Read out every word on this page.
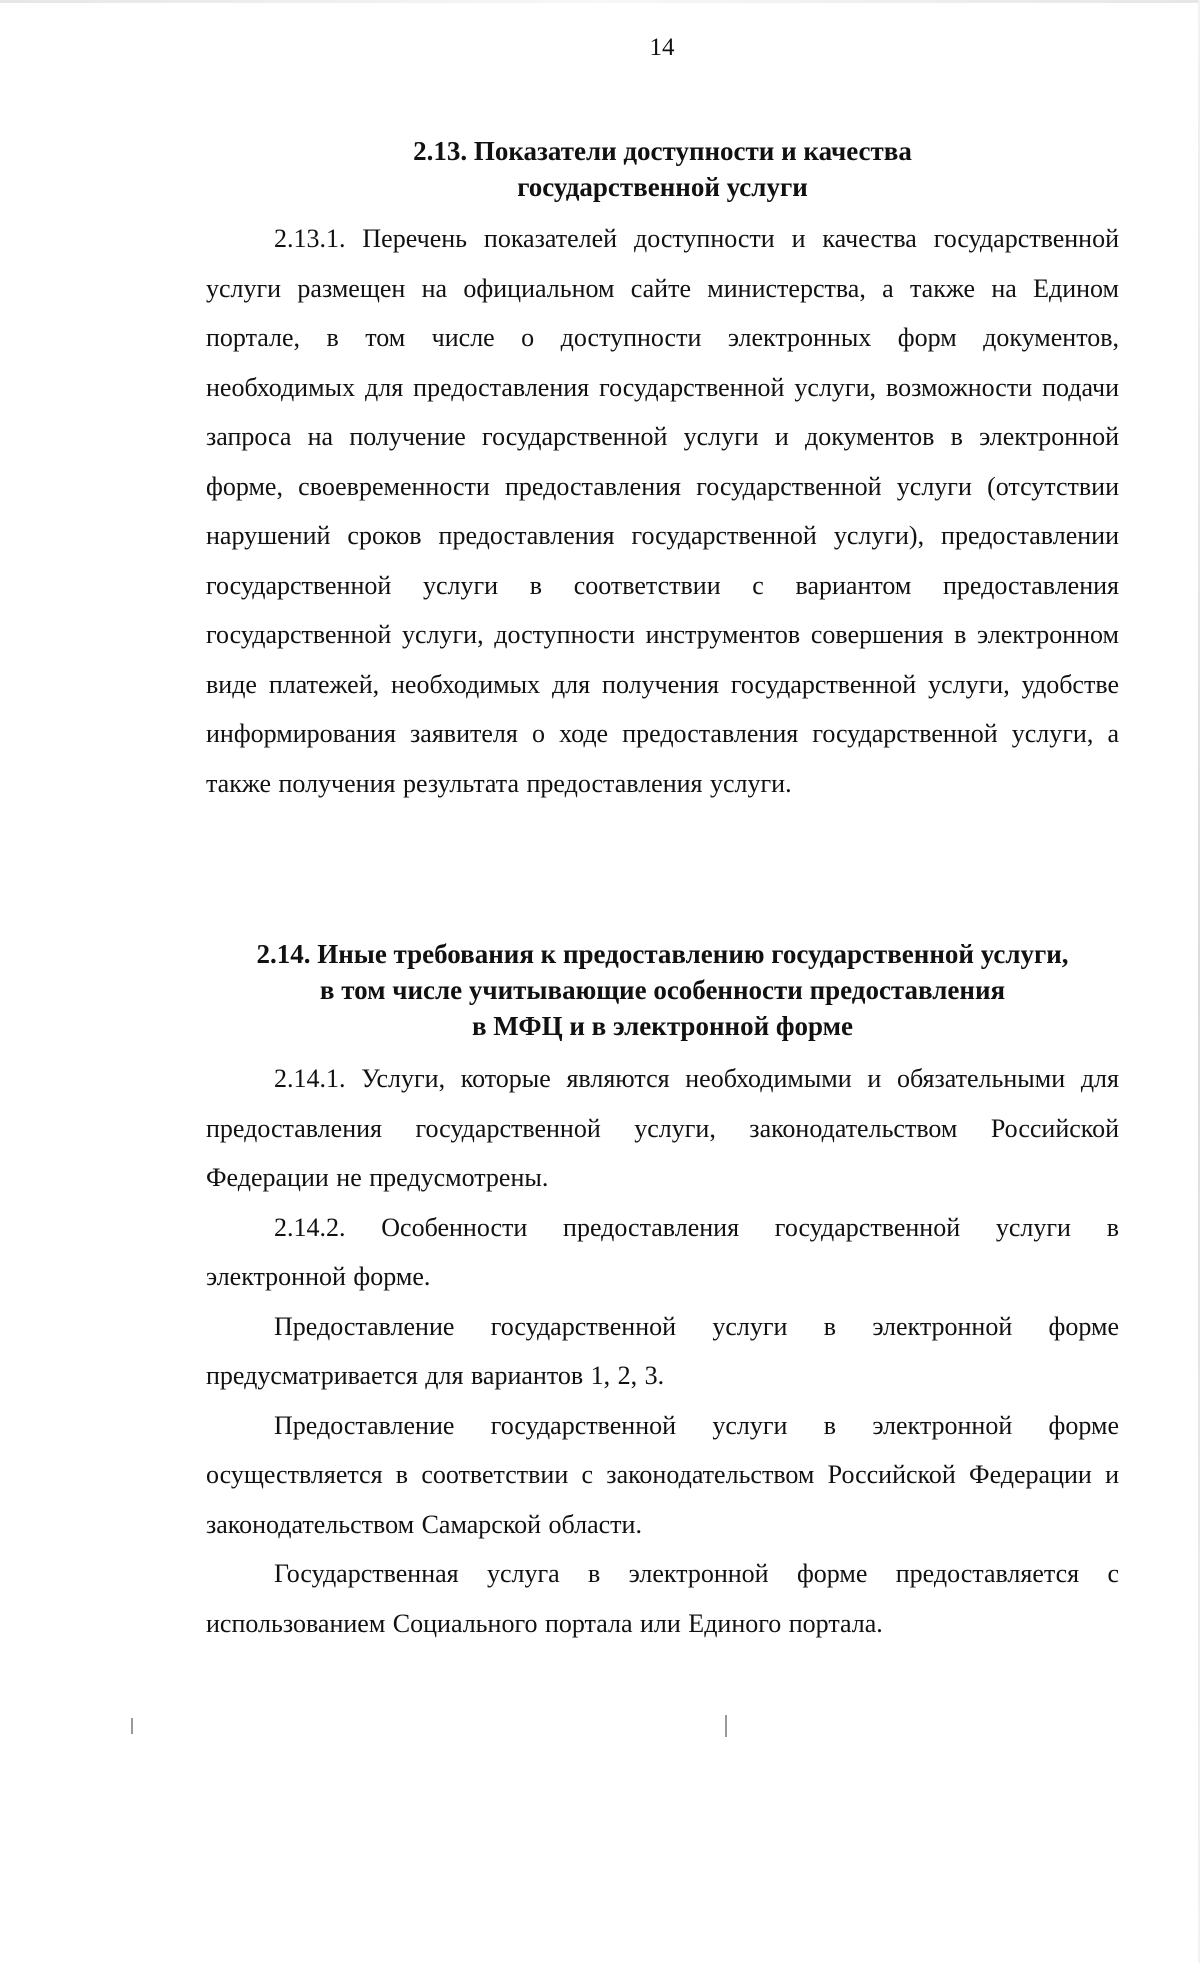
14
2.13. Показатели доступности и качества
государственной услуги

2.13.1. Перечень показателей доступности и качества государственной услуги размещен на официальном сайте министерства, а также на Едином портале, в том числе о доступности электронных форм документов, необходимых для предоставления государственной услуги, возможности подачи запроса на получение государственной услуги и документов в электронной форме, своевременности предоставления государственной услуги (отсутствии нарушений сроков предоставления государственной услуги), предоставлении государственной услуги в соответствии с вариантом предоставления государственной услуги, доступности инструментов совершения в электронном виде платежей, необходимых для получения государственной услуги, удобстве информирования заявителя о ходе предоставления государственной услуги, а также получения результата предоставления услуги.

2.14. Иные требования к предоставлению государственной услуги,
в том числе учитывающие особенности предоставления
в МФЦ и в электронной форме

2.14.1. Услуги, которые являются необходимыми и обязательными для предоставления государственной услуги, законодательством Российской Федерации не предусмотрены.

2.14.2. Особенности предоставления государственной услуги в электронной форме.

Предоставление государственной услуги в электронной форме предусматривается для вариантов 1, 2, 3.

Предоставление государственной услуги в электронной форме осуществляется в соответствии с законодательством Российской Федерации и законодательством Самарской области.

Государственная услуга в электронной форме предоставляется с использованием Социального портала или Единого портала.
